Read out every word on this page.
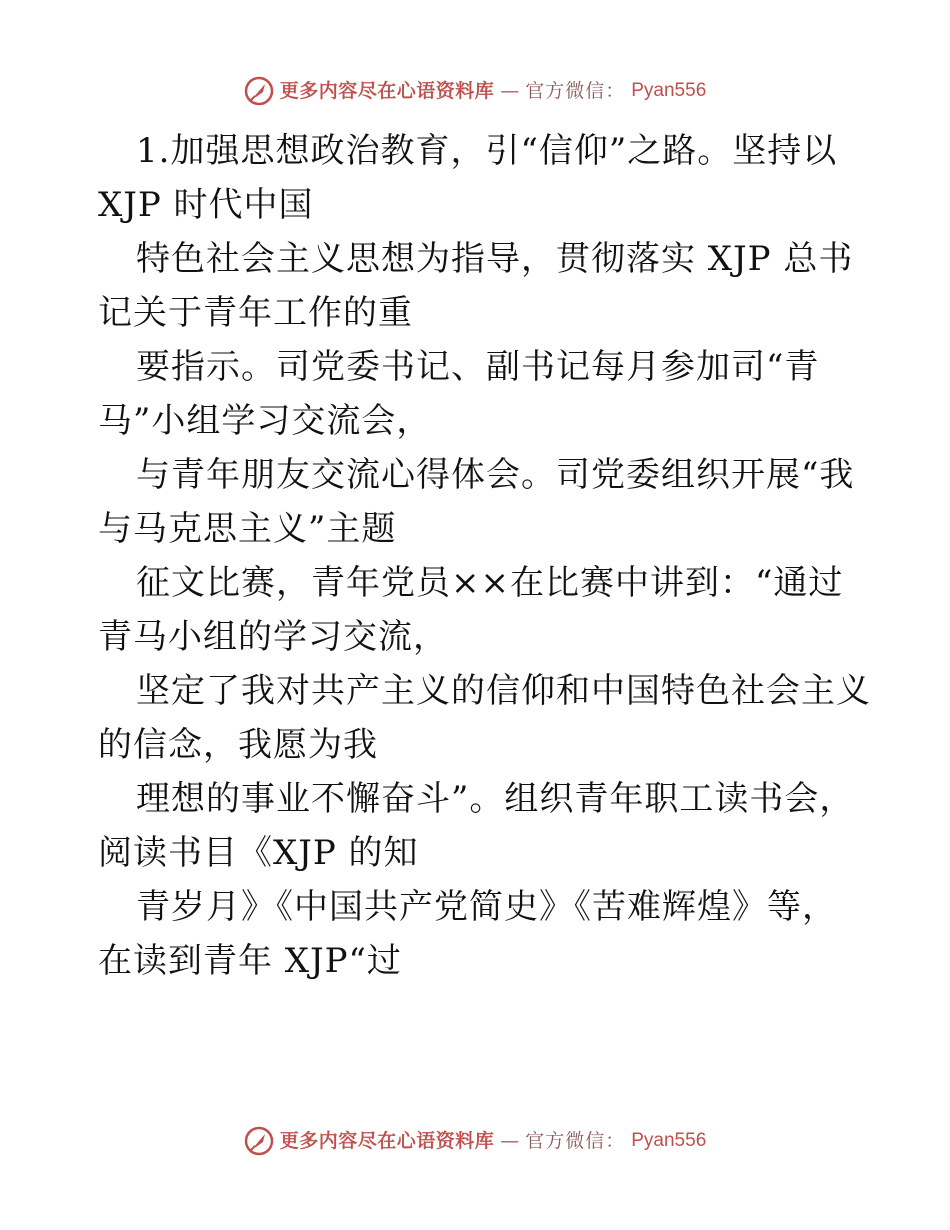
更多内容尽在心语资料库 — 官方微信： Pyan556
1.加强思想政治教育，引“信仰”之路。坚持以
XJP 时代中国
特色社会主义思想为指导，贯彻落实 XJP 总书
记关于青年工作的重
要指示。司党委书记、副书记每月参加司“青
马”小组学习交流会，
与青年朋友交流心得体会。司党委组织开展“我
与马克思主义”主题
征文比赛，青年党员××在比赛中讲到：“通过
青马小组的学习交流，
坚定了我对共产主义的信仰和中国特色社会主义
的信念，我愿为我
理想的事业不懈奋斗”。组织青年职工读书会，
阅读书目《XJP 的知
青岁月》《中国共产党简史》《苦难辉煌》等，
在读到青年 XJP“过
更多内容尽在心语资料库 — 官方微信： Pyan556
